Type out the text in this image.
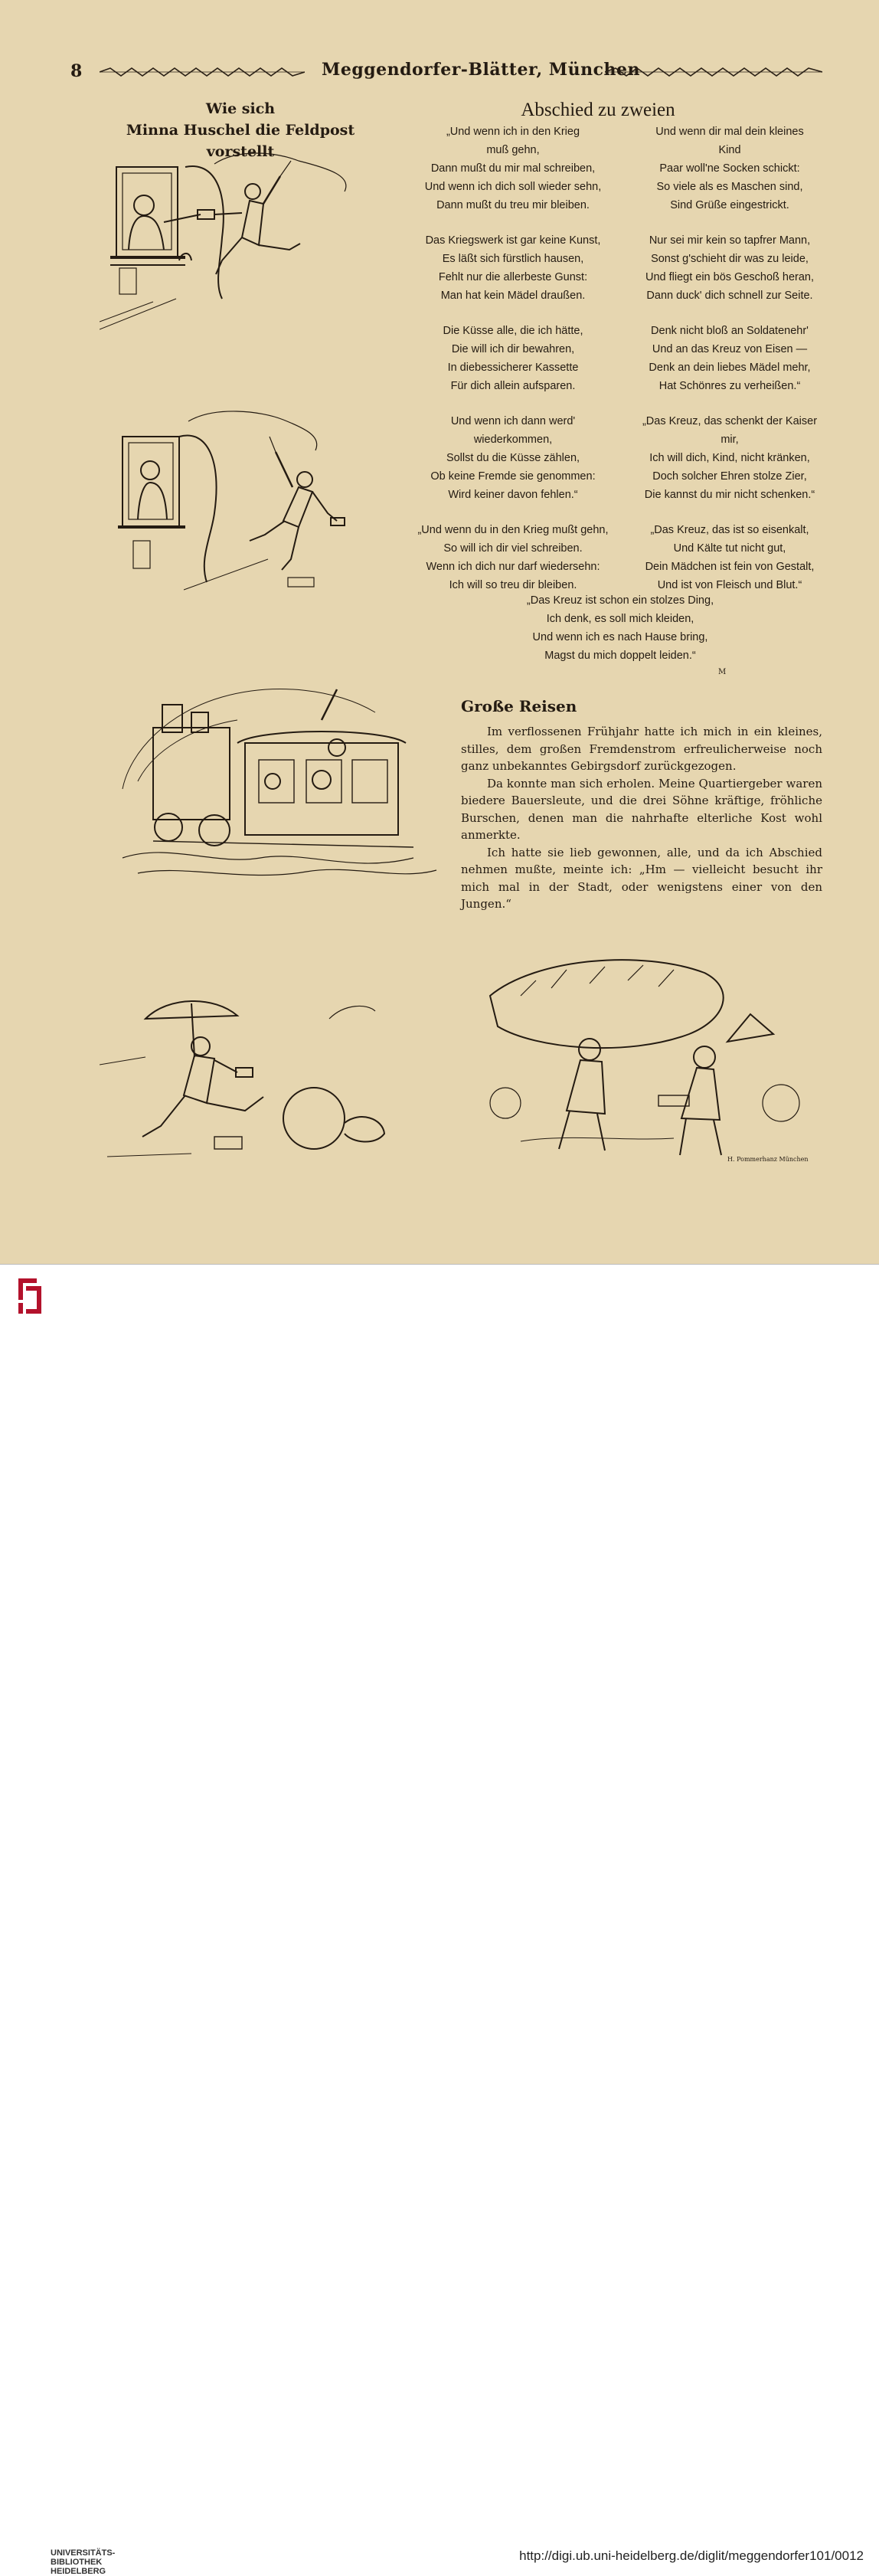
8	Meggendorfer-Blätter, München
Wie sich
Minna Huschel die Feldpost vorstellt
Abschied zu zweien
„Und wenn ich in den Krieg
muß gehn,
Dann mußt du mir mal schreiben,
Und wenn ich dich soll wieder sehn,
Dann mußt du treu mir bleiben.
Das Kriegswerk ist gar keine Kunst,
Es läßt sich fürstlich hausen,
Fehlt nur die allerbeste Gunst:
Man hat kein Mädel draußen.
Die Küsse alle, die ich hätte,
Die will ich dir bewahren,
In diebessicherer Kassette
Für dich allein aufsparen.
Und wenn ich dann werd'
wiederkommen,
Sollst du die Küsse zählen,
Ob keine Fremde sie genommen:
Wird keiner davon fehlen.“
„Und wenn du in den Krieg mußt gehn,
So will ich dir viel schreiben.
Wenn ich dich nur darf wiedersehn:
Ich will so treu dir bleiben.
Und wenn dir mal dein kleines
Kind
Paar woll'ne Socken schickt:
So viele als es Maschen sind,
Sind Grüße eingestrickt.
Nur sei mir kein so tapfrer Mann,
Sonst g'schieht dir was zu leide,
Und fliegt ein bös Geschoß heran,
Dann duck' dich schnell zur Seite.
Denk nicht bloß an Soldatenehr'
Und an das Kreuz von Eisen —
Denk an dein liebes Mädel mehr,
Hat Schönres zu verheißen.“
„Das Kreuz, das schenkt der Kaiser
mir,
Ich will dich, Kind, nicht kränken,
Doch solcher Ehren stolze Zier,
Die kannst du mir nicht schenken.“
„Das Kreuz, das ist so eisenkalt,
Und Kälte tut nicht gut,
Dein Mädchen ist fein von Gestalt,
Und ist von Fleisch und Blut.“
„Das Kreuz ist schon ein stolzes Ding,
Ich denk, es soll mich kleiden,
Und wenn ich es nach Hause bring,
Magst du mich doppelt leiden.“
M
Große Reisen

Im verflossenen Frühjahr hatte ich mich in ein kleines, stilles, dem großen Fremdenstrom erfreulicherweise noch ganz unbekanntes Gebirgsdorf zurückgezogen.

Da konnte man sich erholen. Meine Quartiergeber waren biedere Bauersleute, und die drei Söhne kräftige, fröhliche Burschen, denen man die nahrhafte elterliche Kost wohl anmerkte.

Ich hatte sie lieb gewonnen, alle, und da ich Abschied nehmen mußte, meinte ich: „Hm — vielleicht besucht ihr mich mal in der Stadt, oder wenigstens einer von den Jungen.“

H. Pommerhanz München
UNIVERSITÄTS-
BIBLIOTHEK
HEIDELBERG
http://digi.ub.uni-heidelberg.de/diglit/meggendorfer101/0012
